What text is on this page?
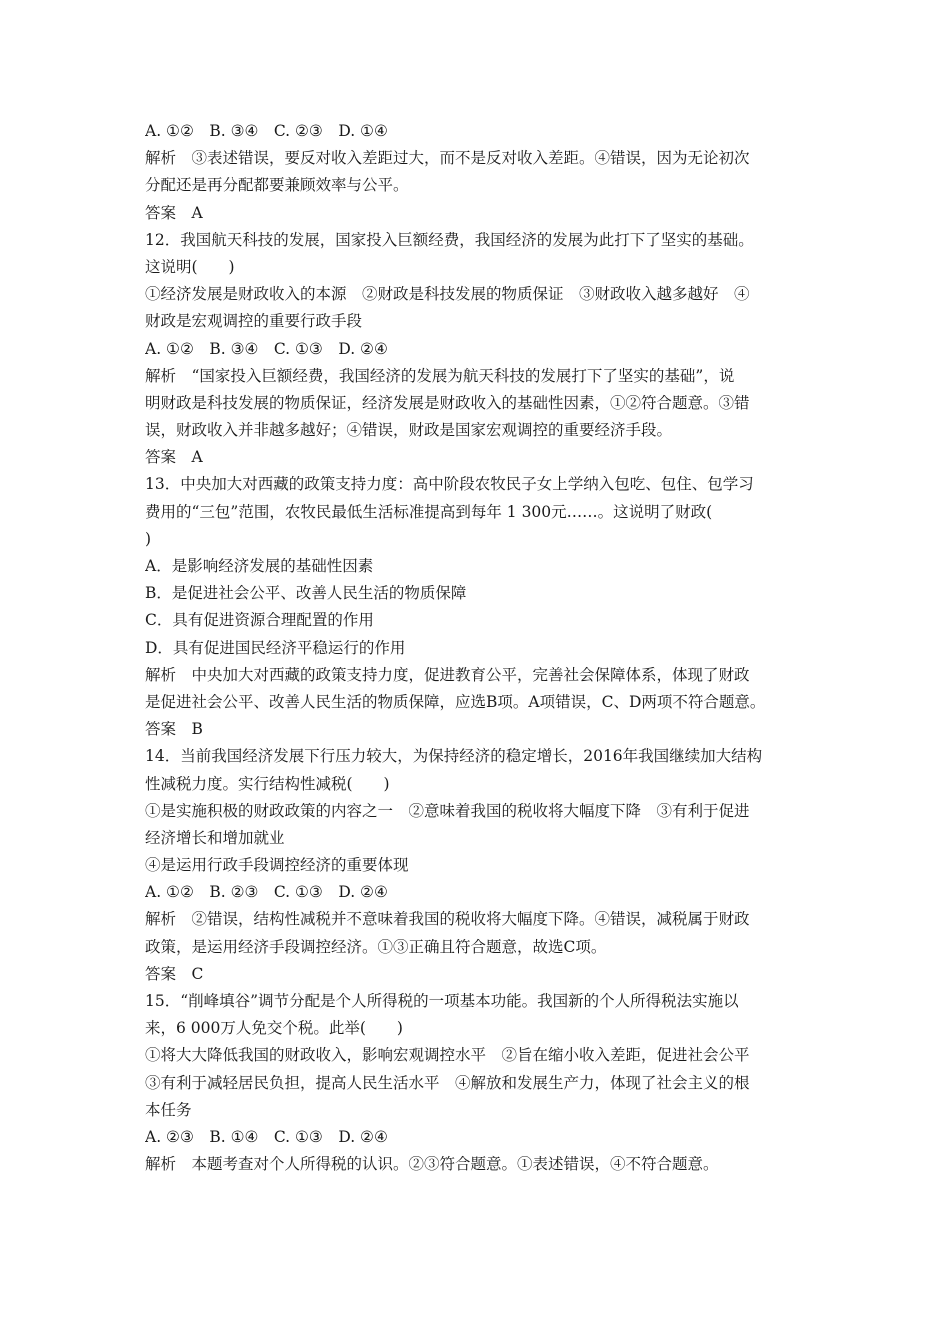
A. ①②　B. ③④　C. ②③　D. ①④
解析　③表述错误，要反对收入差距过大，而不是反对收入差距。④错误，因为无论初次
分配还是再分配都要兼顾效率与公平。
答案　A
12．我国航天科技的发展，国家投入巨额经费，我国经济的发展为此打下了坚实的基础。
这说明(　　)
①经济发展是财政收入的本源　②财政是科技发展的物质保证　③财政收入越多越好　④
财政是宏观调控的重要行政手段
A. ①②　B. ③④　C. ①③　D. ②④
解析　“国家投入巨额经费，我国经济的发展为航天科技的发展打下了坚实的基础”，说
明财政是科技发展的物质保证，经济发展是财政收入的基础性因素，①②符合题意。③错
误，财政收入并非越多越好；④错误，财政是国家宏观调控的重要经济手段。
答案　A
13．中央加大对西藏的政策支持力度：高中阶段农牧民子女上学纳入包吃、包住、包学习
费用的“三包”范围，农牧民最低生活标准提高到每年 1 300元……。这说明了财政(
)
A．是影响经济发展的基础性因素
B．是促进社会公平、改善人民生活的物质保障
C．具有促进资源合理配置的作用
D．具有促进国民经济平稳运行的作用
解析　中央加大对西藏的政策支持力度，促进教育公平，完善社会保障体系，体现了财政
是促进社会公平、改善人民生活的物质保障，应选B项。A项错误，C、D两项不符合题意。
答案　B
14．当前我国经济发展下行压力较大，为保持经济的稳定增长，2016年我国继续加大结构
性减税力度。实行结构性减税(　　)
①是实施积极的财政政策的内容之一　②意味着我国的税收将大幅度下降　③有利于促进
经济增长和增加就业
④是运用行政手段调控经济的重要体现
A. ①②　B. ②③　C. ①③　D. ②④
解析　②错误，结构性减税并不意味着我国的税收将大幅度下降。④错误，减税属于财政
政策，是运用经济手段调控经济。①③正确且符合题意，故选C项。
答案　C
15．“削峰填谷”调节分配是个人所得税的一项基本功能。我国新的个人所得税法实施以
来，6 000万人免交个税。此举(　　)
①将大大降低我国的财政收入，影响宏观调控水平　②旨在缩小收入差距，促进社会公平
③有利于减轻居民负担，提高人民生活水平　④解放和发展生产力，体现了社会主义的根
本任务
A. ②③　B. ①④　C. ①③　D. ②④
解析　本题考查对个人所得税的认识。②③符合题意。①表述错误，④不符合题意。
